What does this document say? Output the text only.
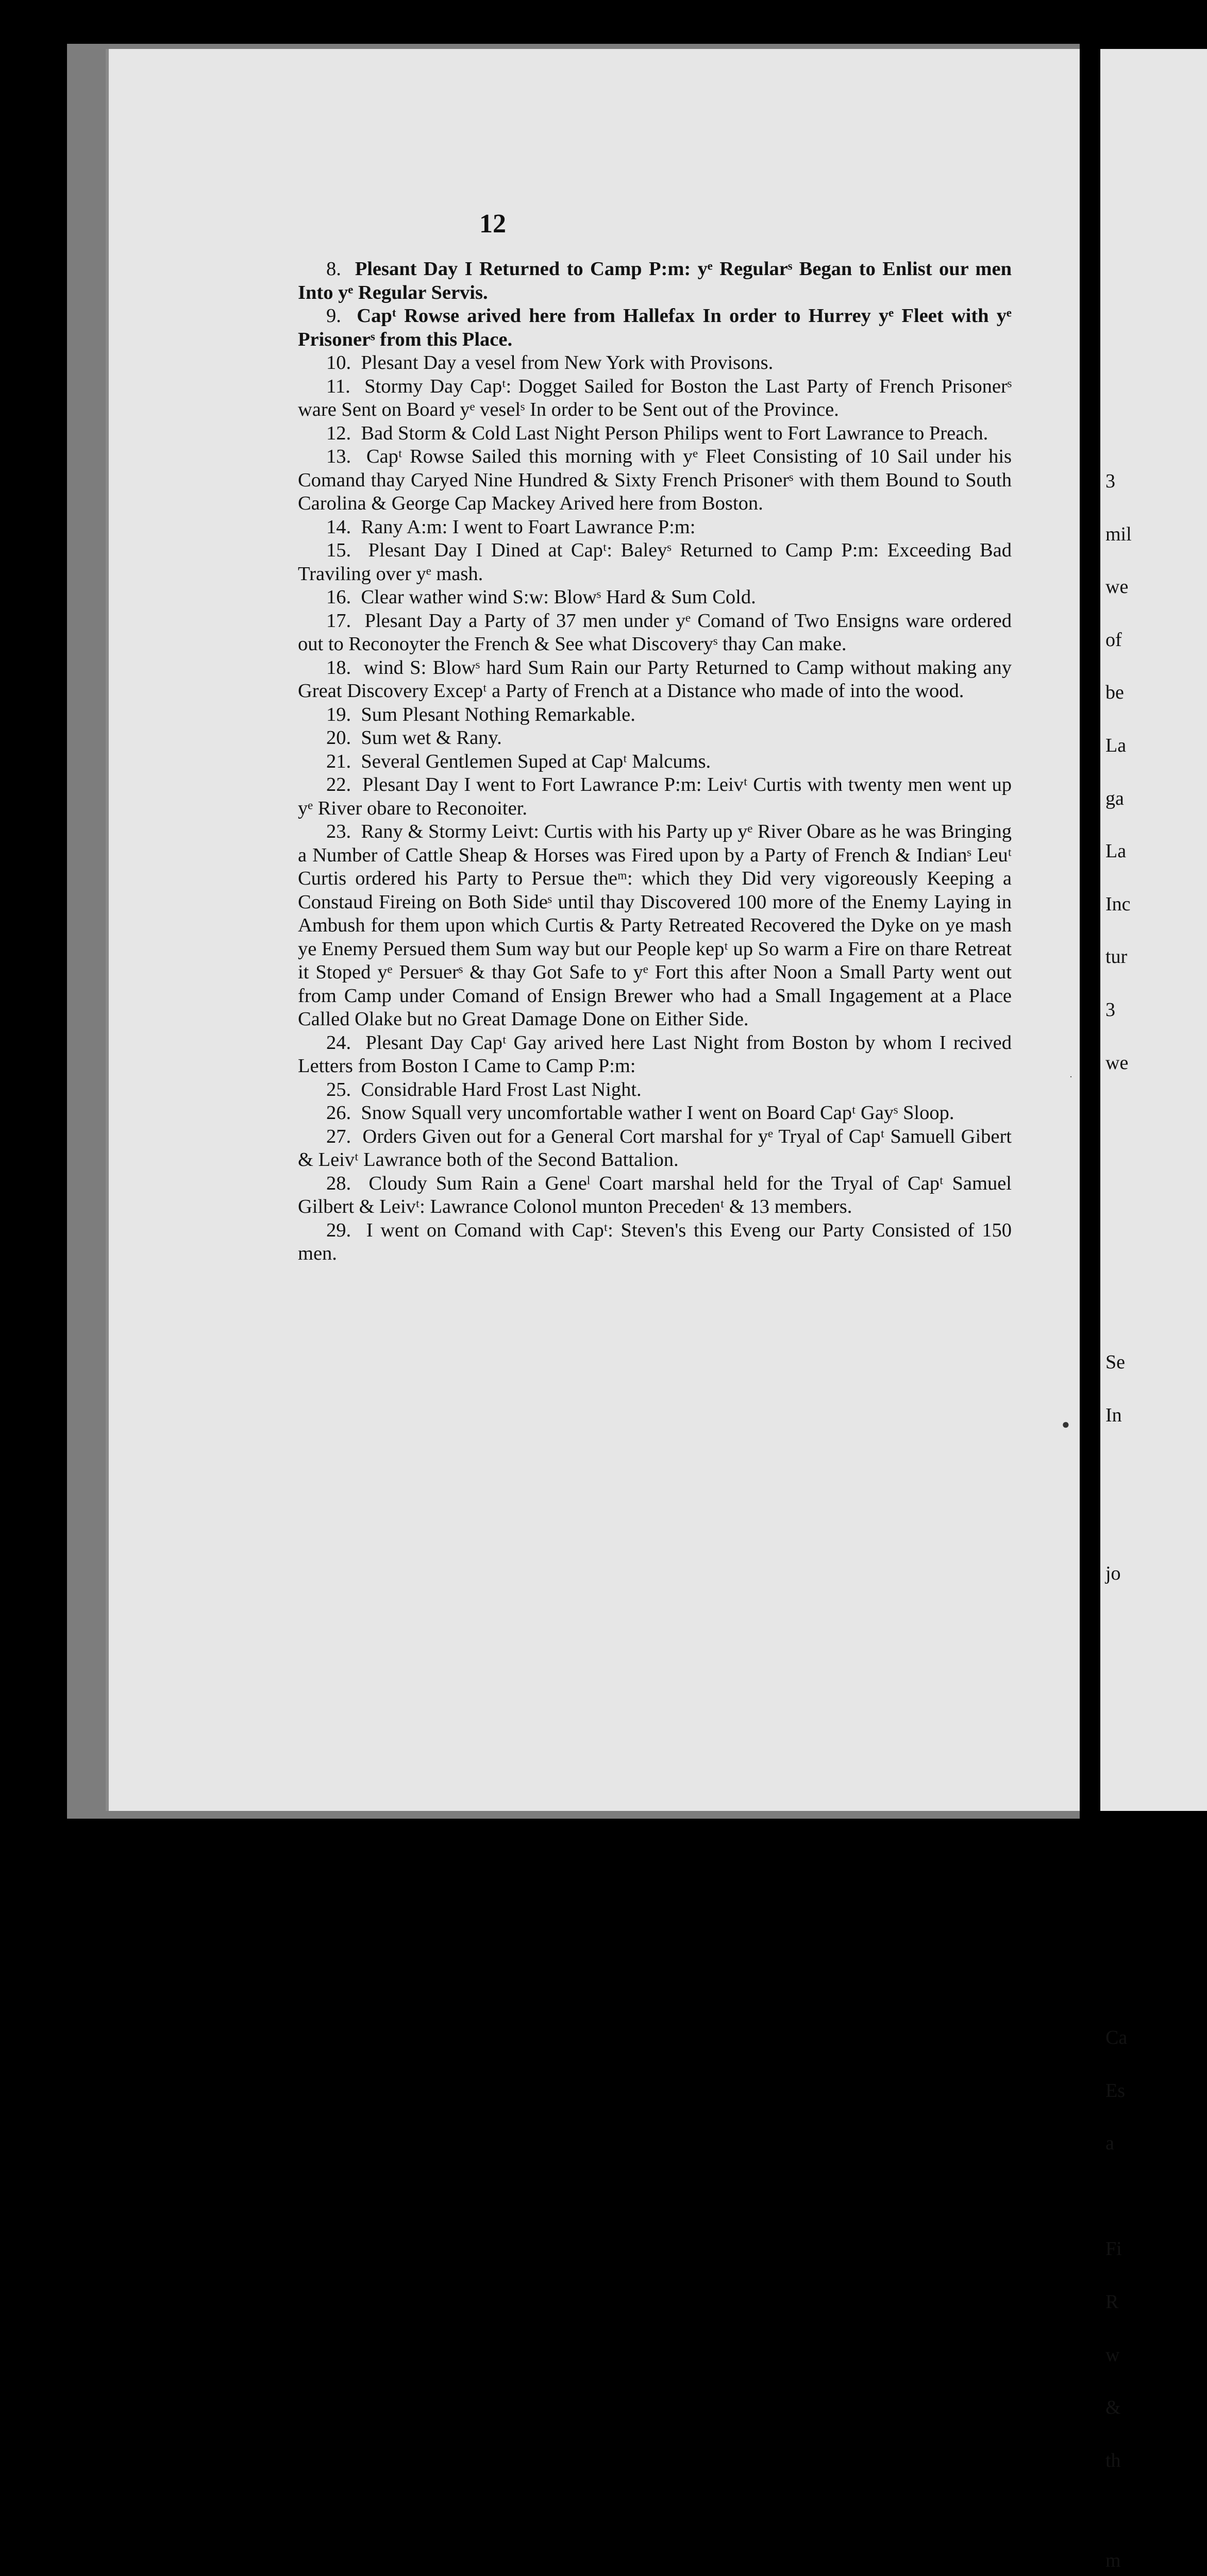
12

8.  Plesant Day I Returned to Camp P:m: yᵉ Regularˢ Began to Enlist our men Into yᵉ Regular Servis.

9.  Capᵗ Rowse arived here from Hallefax In order to Hurrey yᵉ Fleet with yᵉ Prisonerˢ from this Place.

10.  Plesant Day a vesel from New York with Provisons.

11.  Stormy Day Capᵗ: Dogget Sailed for Boston the Last Party of French Prisonerˢ ware Sent on Board yᵉ veselˢ In order to be Sent out of the Province.

12.  Bad Storm & Cold Last Night Person Philips went to Fort Lawrance to Preach.

13.  Capᵗ Rowse Sailed this morning with yᵉ Fleet Consisting of 10 Sail under his Comand thay Caryed Nine Hundred & Sixty French Prisonerˢ with them Bound to South Carolina & George Cap Mackey Arived here from Boston.

14.  Rany A:m: I went to Foart Lawrance P:m:

15.  Plesant Day I Dined at Capᵗ: Baleyˢ Returned to Camp P:m: Exceeding Bad Traviling over yᵉ mash.

16.  Clear wather wind S:w: Blowˢ Hard & Sum Cold.

17.  Plesant Day a Party of 37 men under yᵉ Comand of Two Ensigns ware ordered out to Reconoyter the French & See what Discoveryˢ thay Can make.

18.  wind S: Blowˢ hard Sum Rain our Party Returned to Camp without making any Great Discovery Excepᵗ a Party of French at a Distance who made of into the wood.

19.  Sum Plesant Nothing Remarkable.

20.  Sum wet & Rany.

21.  Several Gentlemen Suped at Capᵗ Malcums.

22.  Plesant Day I went to Fort Lawrance P:m: Leivᵗ Curtis with twenty men went up yᵉ River obare to Reconoiter.

23.  Rany & Stormy Leivt: Curtis with his Party up yᵉ River Obare as he was Bringing a Number of Cattle Sheap & Horses was Fired upon by a Party of French & Indianˢ Leuᵗ Curtis ordered his Party to Persue theᵐ: which they Did very vigoreously Keeping a Constaud Fireing on Both Sideˢ until thay Discovered 100 more of the Enemy Laying in Ambush for them upon which Curtis & Party Retreated Recovered the Dyke on ye mash ye Enemy Persued them Sum way but our People kepᵗ up So warm a Fire on thare Retreat it Stoped yᵉ Persuerˢ & thay Got Safe to yᵉ Fort this after Noon a Small Party went out from Camp under Comand of Ensign Brewer who had a Small Ingagement at a Place Called Olake but no Great Damage Done on Either Side.

24.  Plesant Day Capᵗ Gay arived here Last Night from Boston by whom I recived Letters from Boston I Came to Camp P:m:

25.  Considrable Hard Frost Last Night.

26.  Snow Squall very uncomfortable wather I went on Board Capᵗ Gayˢ Sloop.

27.  Orders Given out for a General Cort marshal for yᵉ Tryal of Capᵗ Samuell Gibert & Leivᵗ Lawrance both of the Second Battalion.

28.  Cloudy Sum Rain a Geneˡ Coart marshal held for the Tryal of Capᵗ Samuel Gilbert & Leivᵗ: Lawrance Colonol munton Precedenᵗ & 13 members.

29.  I went on Comand with Capᵗ: Steven's this Eveng our Party Consisted of 150 men.

3
mil
we
of
be
La
ga
La
Inc
tur
3
we
Se
In
jo
Ca
Es
a
Fi
R
w
&
th
m
●
·
